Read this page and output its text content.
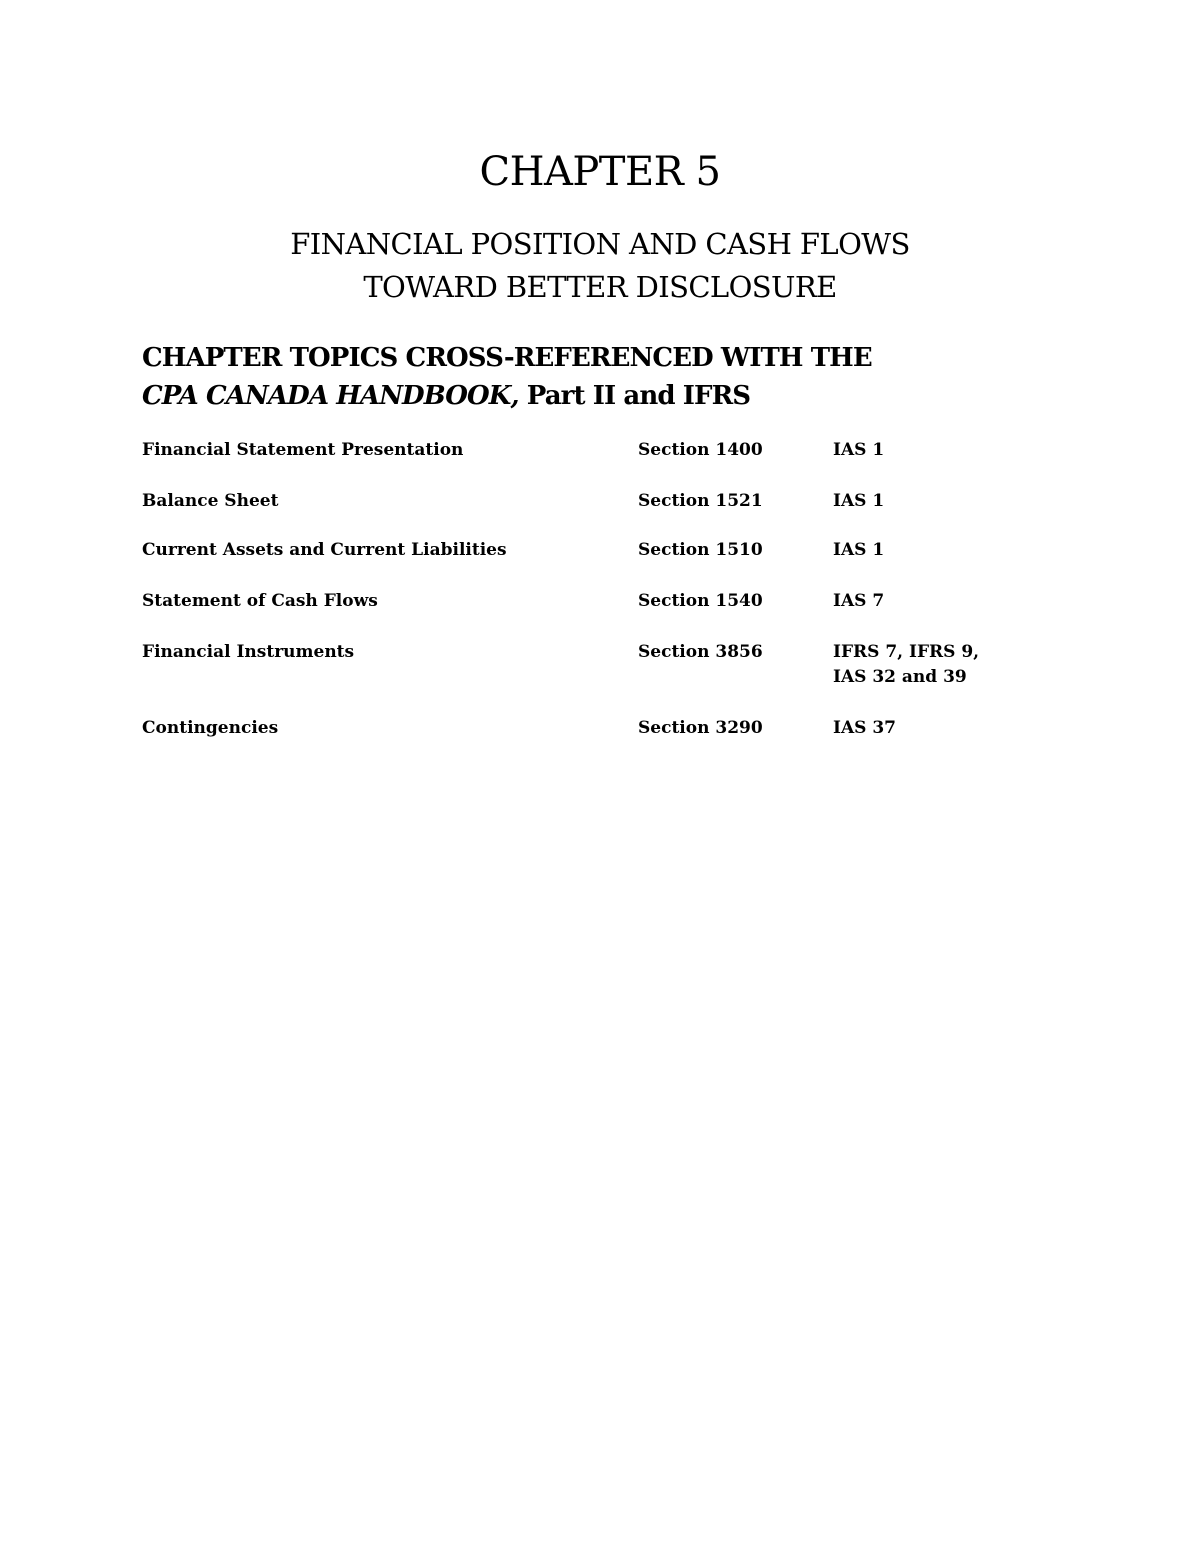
CHAPTER 5
FINANCIAL POSITION AND CASH FLOWS
TOWARD BETTER DISCLOSURE
CHAPTER TOPICS CROSS-REFERENCED WITH THE
CPA CANADA HANDBOOK, Part II and IFRS
Financial Statement Presentation	Section 1400	IAS 1
Balance Sheet	Section 1521	IAS 1
Current Assets and Current Liabilities	Section 1510	IAS 1
Statement of Cash Flows	Section 1540	IAS 7
Financial Instruments	Section 3856	IFRS 7, IFRS 9,
IAS 32 and 39
Contingencies	Section 3290	IAS 37
